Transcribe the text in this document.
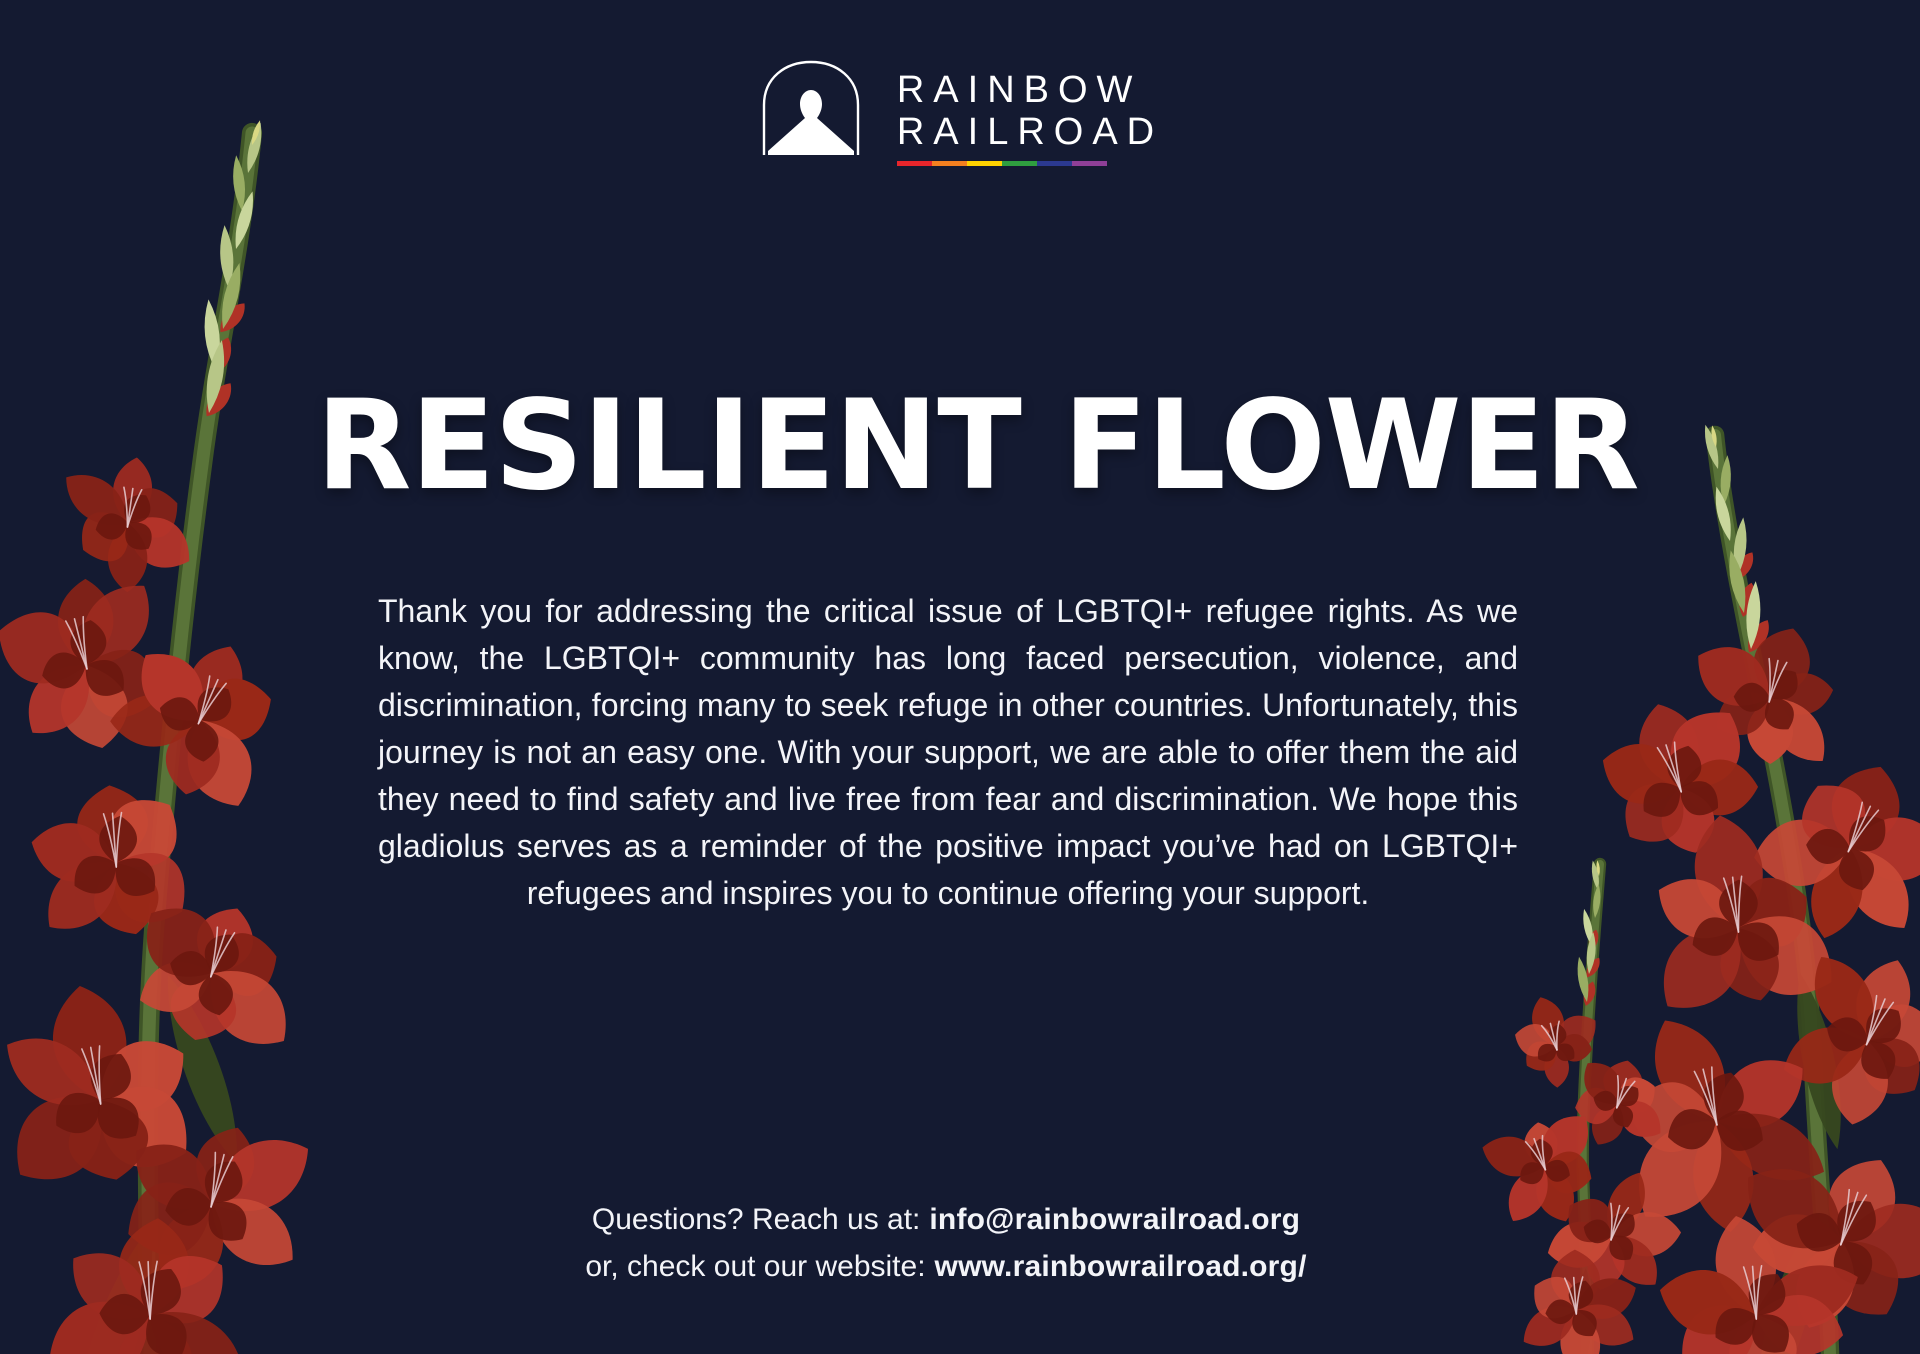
RAINBOW
RAILROAD
RESILIENT FLOWER

Thank you for addressing the critical issue of LGBTQI+ refugee rights. As we know, the LGBTQI+ community has long faced persecution, violence, and discrimination, forcing many to seek refuge in other countries. Unfortunately, this journey is not an easy one. With your support, we are able to offer them the aid they need to find safety and live free from fear and discrimination. We hope this gladiolus serves as a reminder of the positive impact you’ve had on LGBTQI+ refugees and inspires you to continue offering your support.

Questions? Reach us at: info@rainbowrailroad.org
or, check out our website: www.rainbowrailroad.org/
